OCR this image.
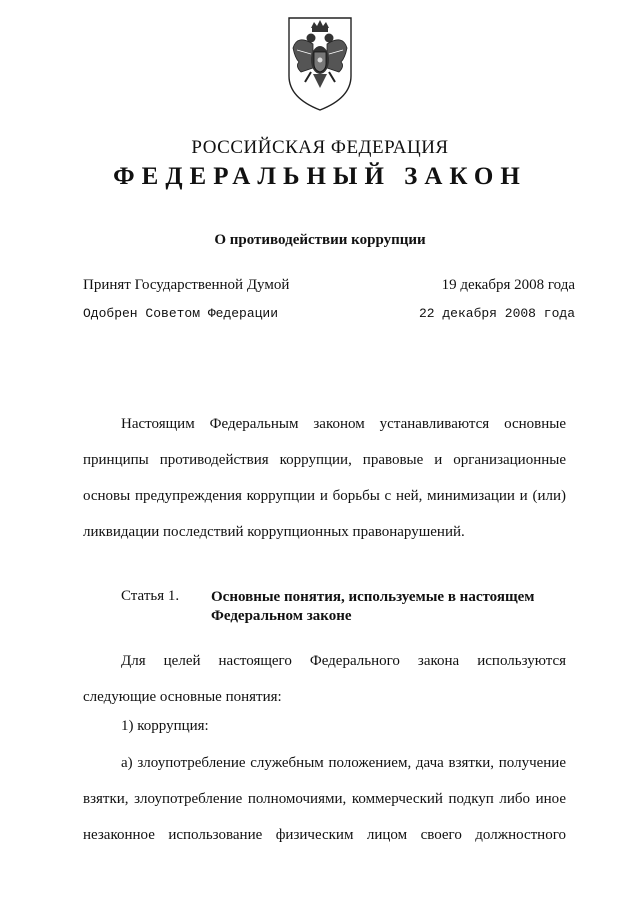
РОССИЙСКАЯ ФЕДЕРАЦИЯ
ФЕДЕРАЛЬНЫЙ ЗАКОН
О противодействии коррупции
Принят Государственной Думой	19 декабря 2008 года
Одобрен Советом Федерации	22 декабря 2008 года
Настоящим Федеральным законом устанавливаются основные
принципы противодействия коррупции, правовые и организационные
основы предупреждения коррупции и борьбы с ней, минимизации и (или)
ликвидации последствий коррупционных правонарушений.
Статья 1.	Основные понятия, используемые в настоящем
Федеральном законе
Для целей настоящего Федерального закона используются
следующие основные понятия:
1) коррупция:
а) злоупотребление служебным положением, дача взятки, получение
взятки, злоупотребление полномочиями, коммерческий подкуп либо иное
незаконное использование физическим лицом своего должностного
